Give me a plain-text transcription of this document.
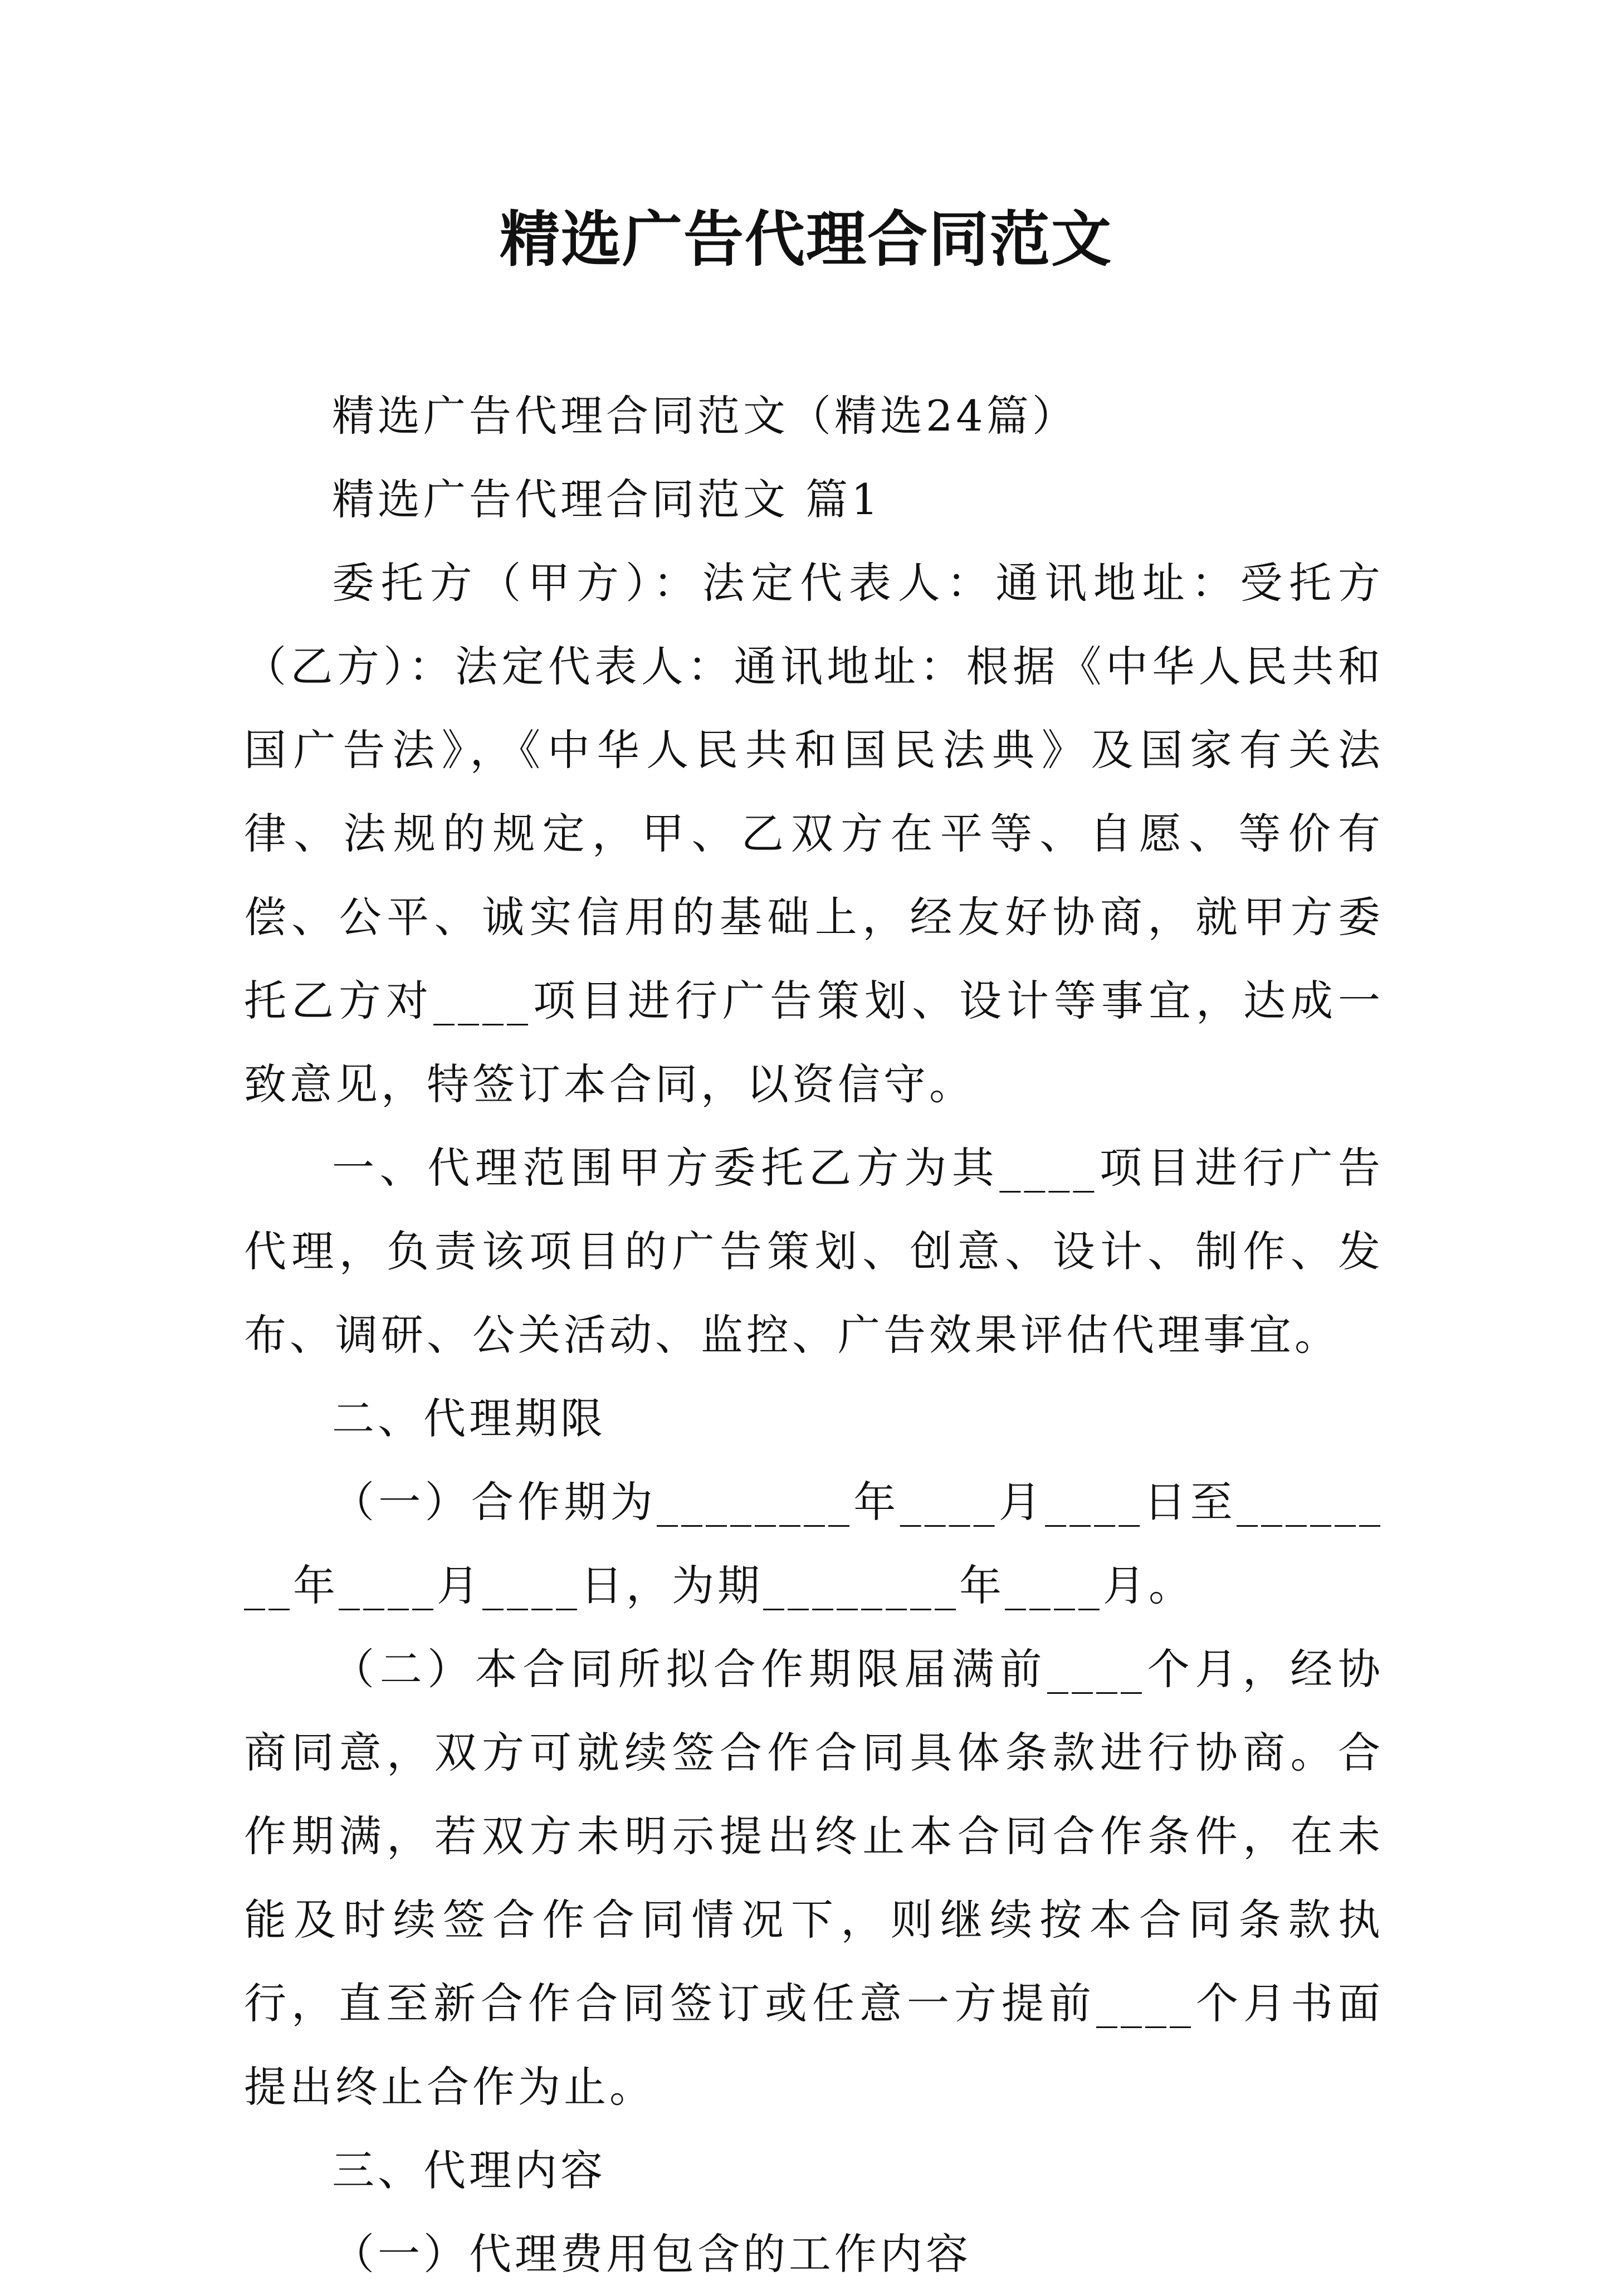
精选广告代理合同范文

精选广告代理合同范文（精选24篇）

精选广告代理合同范文 篇1

委托方（甲方）：法定代表人：通讯地址：受托方（乙方）：法定代表人：通讯地址：根据《中华人民共和国广告法》，《中华人民共和国民法典》及国家有关法律、法规的规定，甲、乙双方在平等、自愿、等价有偿、公平、诚实信用的基础上，经友好协商，就甲方委托乙方对____项目进行广告策划、设计等事宜，达成一致意见，特签订本合同，以资信守。

一、代理范围甲方委托乙方为其____项目进行广告代理，负责该项目的广告策划、创意、设计、制作、发布、调研、公关活动、监控、广告效果评估代理事宜。

二、代理期限

（一）合作期为________年____月____日至________年____月____日，为期________年____月。

（二）本合同所拟合作期限届满前____个月，经协商同意，双方可就续签合作合同具体条款进行协商。合作期满，若双方未明示提出终止本合同合作条件，在未能及时续签合作合同情况下，则继续按本合同条款执行，直至新合作合同签订或任意一方提前____个月书面提出终止合作为止。

三、代理内容

（一）代理费用包含的工作内容
